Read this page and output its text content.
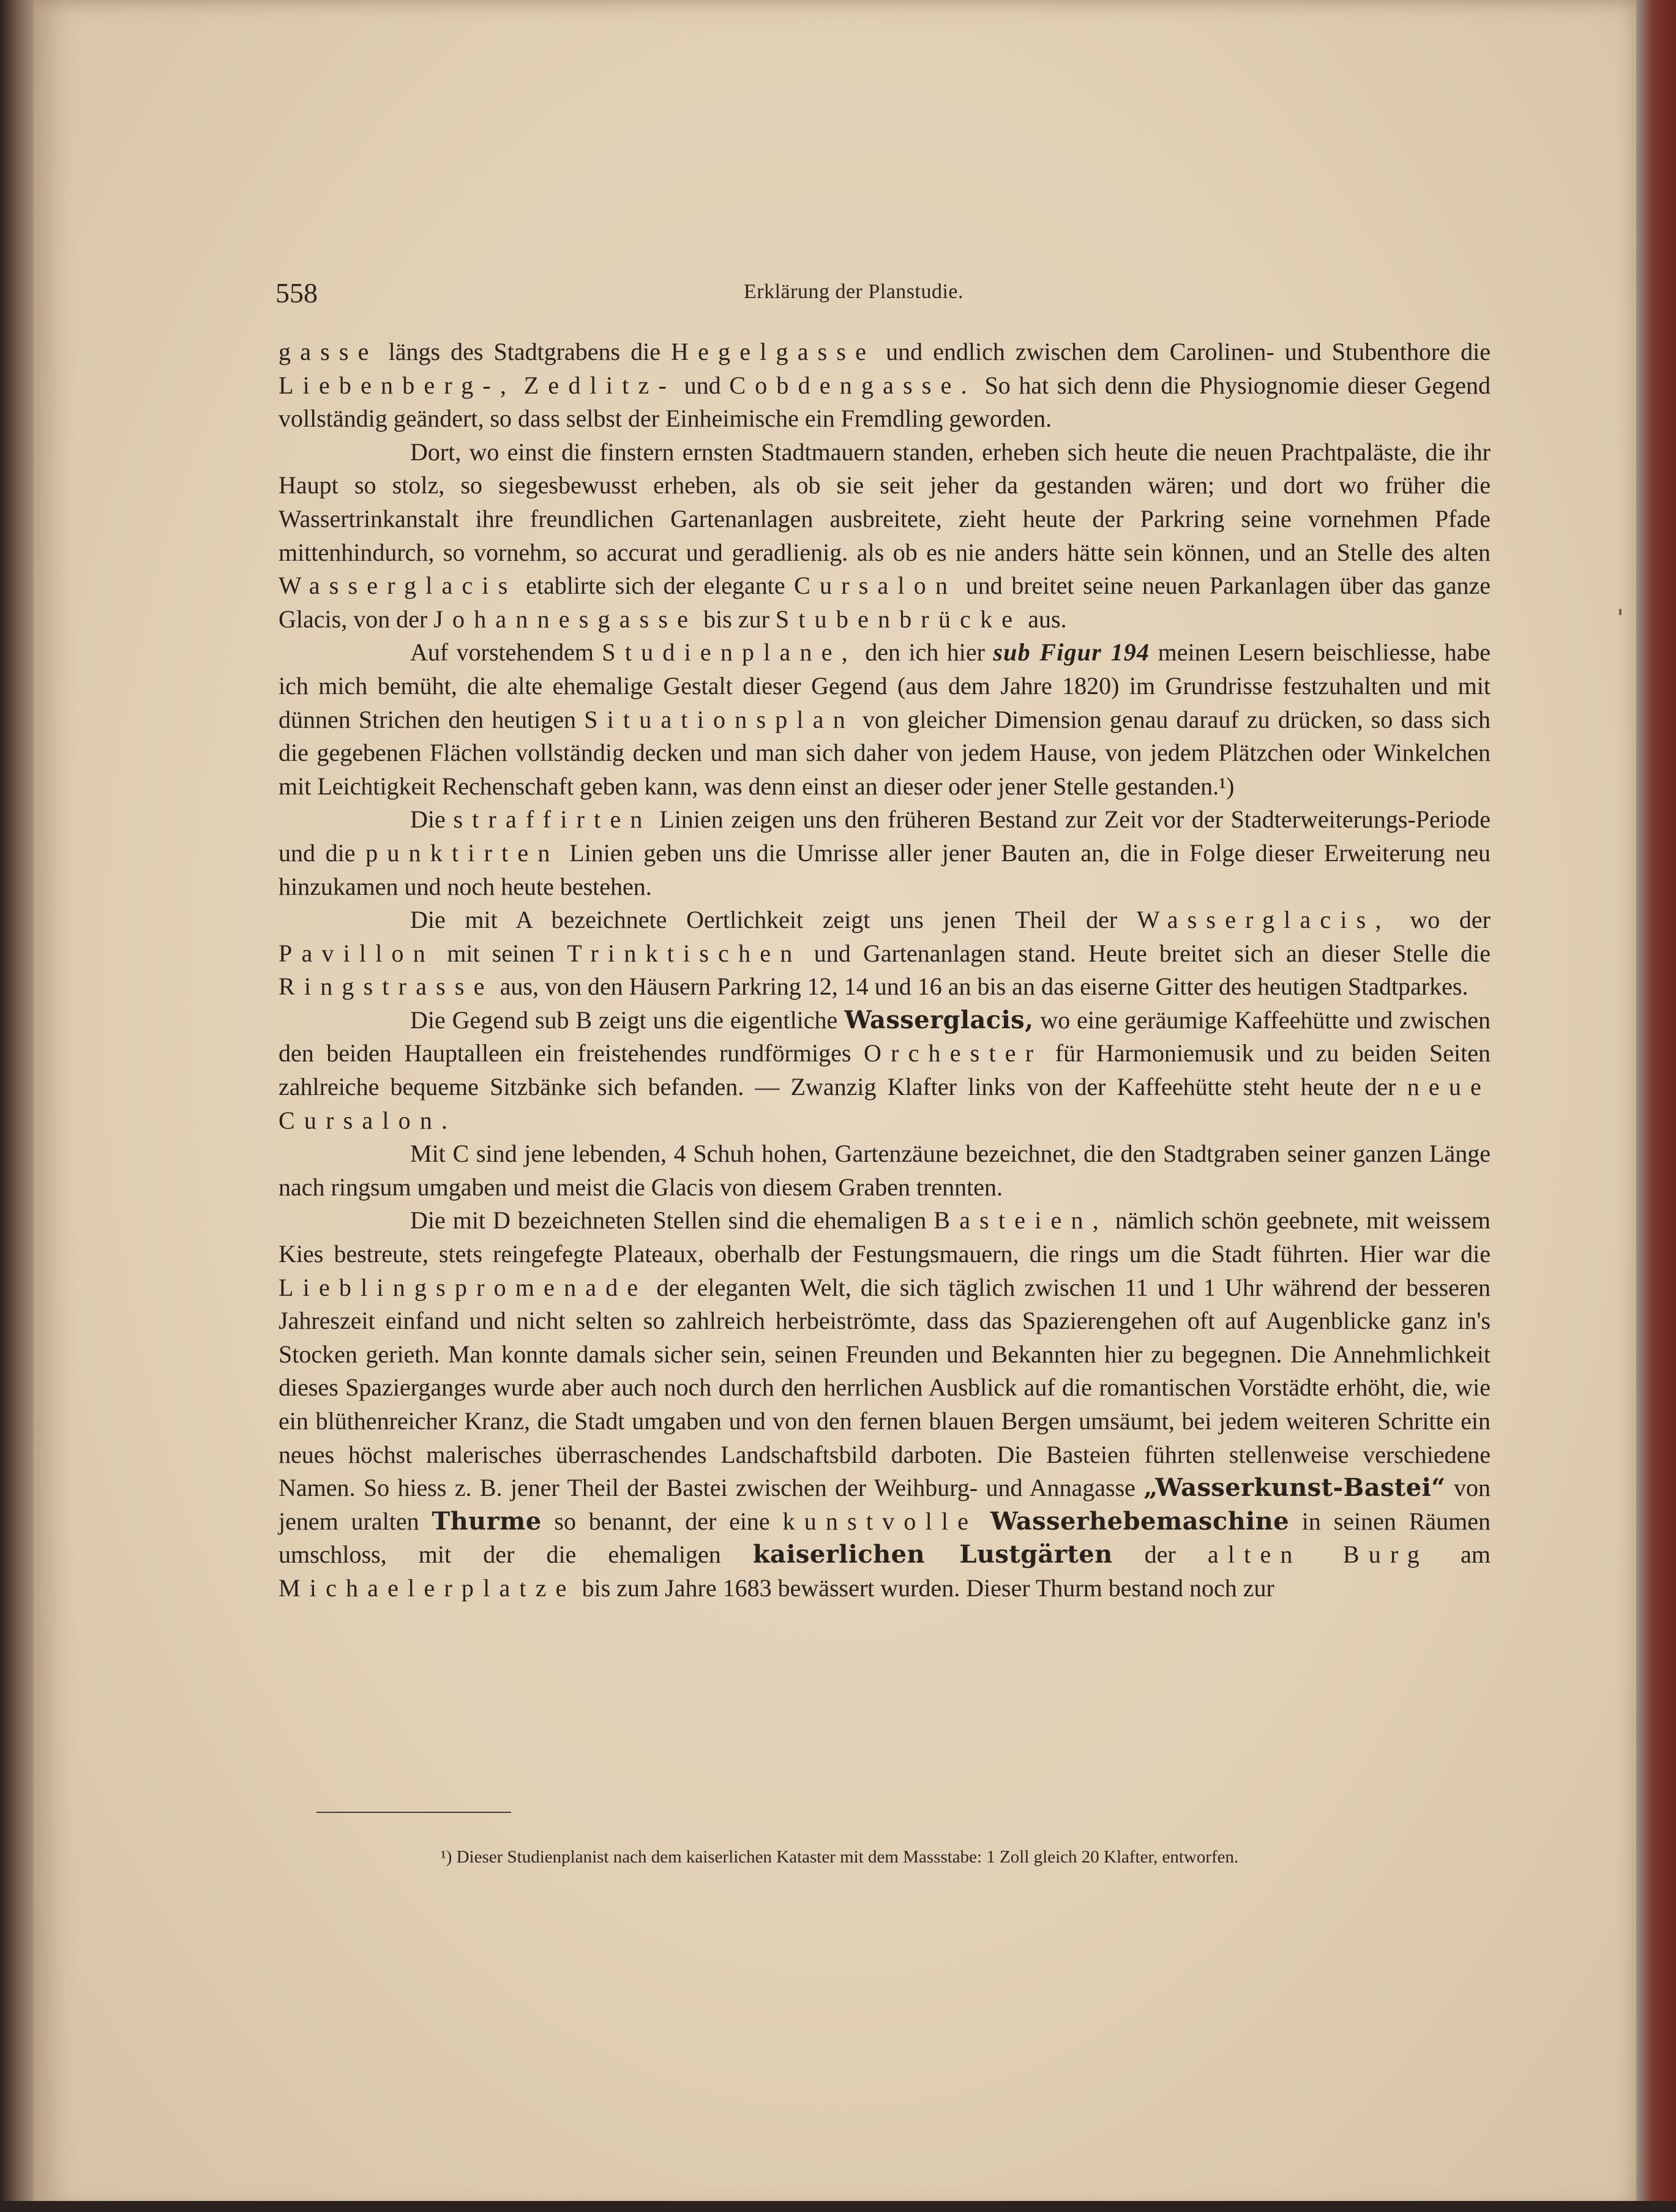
558	Erklärung der Planstudie.

gasse längs des Stadtgrabens die Hegelgasse und endlich zwischen dem Carolinen- und Stubenthore die Liebenberg-, Zedlitz- und Cobdengasse. So hat sich denn die Physiognomie dieser Gegend vollständig geändert, so dass selbst der Einheimische ein Fremdling geworden.

Dort, wo einst die finstern ernsten Stadtmauern standen, erheben sich heute die neuen Prachtpaläste, die ihr Haupt so stolz, so siegesbewusst erheben, als ob sie seit jeher da gestanden wären; und dort wo früher die Wassertrinkanstalt ihre freundlichen Gartenanlagen ausbreitete, zieht heute der Parkring seine vornehmen Pfade mittenhindurch, so vornehm, so accurat und geradlienig. als ob es nie anders hätte sein können, und an Stelle des alten Wasserglacis etablirte sich der elegante Cursalon und breitet seine neuen Parkanlagen über das ganze Glacis, von der Johannesgasse bis zur Stubenbrücke aus.

Auf vorstehendem Studienplane, den ich hier sub Figur 194 meinen Lesern beischliesse, habe ich mich bemüht, die alte ehemalige Gestalt dieser Gegend (aus dem Jahre 1820) im Grundrisse festzuhalten und mit dünnen Strichen den heutigen Situationsplan von gleicher Dimension genau darauf zu drücken, so dass sich die gegebenen Flächen vollständig decken und man sich daher von jedem Hause, von jedem Plätzchen oder Winkelchen mit Leichtigkeit Rechenschaft geben kann, was denn einst an dieser oder jener Stelle gestanden.¹)

Die straffirten Linien zeigen uns den früheren Bestand zur Zeit vor der Stadterweiterungs-Periode und die punktirten Linien geben uns die Umrisse aller jener Bauten an, die in Folge dieser Erweiterung neu hinzukamen und noch heute bestehen.

Die mit A bezeichnete Oertlichkeit zeigt uns jenen Theil der Wasserglacis, wo der Pavillon mit seinen Trinktischen und Gartenanlagen stand. Heute breitet sich an dieser Stelle die Ringstrasse aus, von den Häusern Parkring 12, 14 und 16 an bis an das eiserne Gitter des heutigen Stadtparkes.

Die Gegend sub B zeigt uns die eigentliche Wasserglacis, wo eine geräumige Kaffeehütte und zwischen den beiden Hauptalleen ein freistehendes rundförmiges Orchester für Harmoniemusik und zu beiden Seiten zahlreiche bequeme Sitzbänke sich befanden. — Zwanzig Klafter links von der Kaffeehütte steht heute der neue Cursalon.

Mit C sind jene lebenden, 4 Schuh hohen, Gartenzäune bezeichnet, die den Stadtgraben seiner ganzen Länge nach ringsum umgaben und meist die Glacis von diesem Graben trennten.

Die mit D bezeichneten Stellen sind die ehemaligen Basteien, nämlich schön geebnete, mit weissem Kies bestreute, stets reingefegte Plateaux, oberhalb der Festungsmauern, die rings um die Stadt führten. Hier war die Lieblingspromenade der eleganten Welt, die sich täglich zwischen 11 und 1 Uhr während der besseren Jahreszeit einfand und nicht selten so zahlreich herbeiströmte, dass das Spazierengehen oft auf Augenblicke ganz in's Stocken gerieth. Man konnte damals sicher sein, seinen Freunden und Bekannten hier zu begegnen. Die Annehmlichkeit dieses Spazierganges wurde aber auch noch durch den herrlichen Ausblick auf die romantischen Vorstädte erhöht, die, wie ein blüthenreicher Kranz, die Stadt umgaben und von den fernen blauen Bergen umsäumt, bei jedem weiteren Schritte ein neues höchst malerisches überraschendes Landschaftsbild darboten. Die Basteien führten stellenweise verschiedene Namen. So hiess z. B. jener Theil der Bastei zwischen der Weihburg- und Annagasse „Wasserkunst-Bastei“ von jenem uralten Thurme so benannt, der eine kunstvolle Wasserhebemaschine in seinen Räumen umschloss, mit der die ehemaligen kaiserlichen Lustgärten der alten Burg am Michaelerplatze bis zum Jahre 1683 bewässert wurden. Dieser Thurm bestand noch zur

¹) Dieser Studienplanist nach dem kaiserlichen Kataster mit dem Massstabe: 1 Zoll gleich 20 Klafter, entworfen.
